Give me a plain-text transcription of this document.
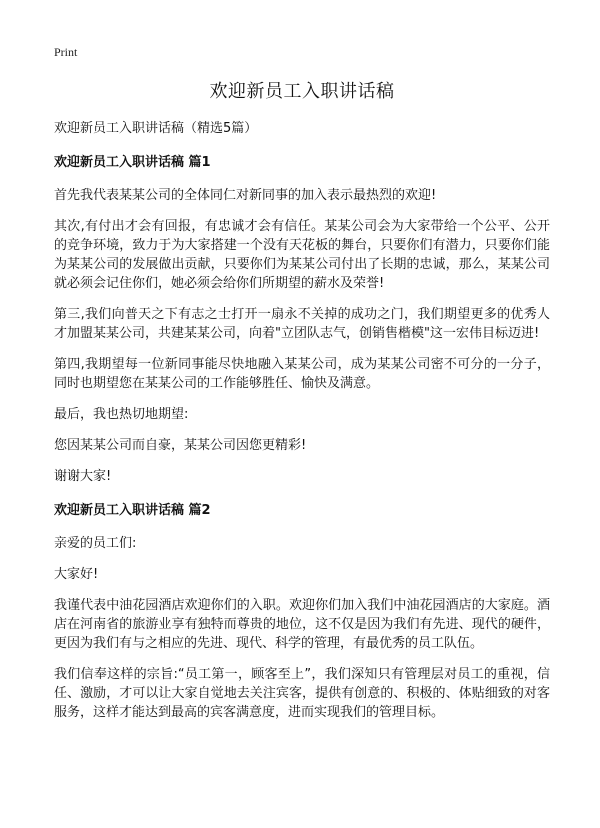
Print
欢迎新员工入职讲话稿

欢迎新员工入职讲话稿（精选5篇）

欢迎新员工入职讲话稿 篇1

首先我代表某某公司的全体同仁对新同事的加入表示最热烈的欢迎!

其次,有付出才会有回报，有忠诚才会有信任。某某公司会为大家带给一个公平、公开的竞争环境，致力于为大家搭建一个没有天花板的舞台，只要你们有潜力，只要你们能为某某公司的发展做出贡献，只要你们为某某公司付出了长期的忠诚，那么，某某公司就必须会记住你们，她必须会给你们所期望的薪水及荣誉!

第三,我们向普天之下有志之士打开一扇永不关掉的成功之门，我们期望更多的优秀人才加盟某某公司，共建某某公司，向着"立团队志气，创销售楷模"这一宏伟目标迈进!

第四,我期望每一位新同事能尽快地融入某某公司，成为某某公司密不可分的一分子，同时也期望您在某某公司的工作能够胜任、愉快及满意。

最后，我也热切地期望:

您因某某公司而自豪，某某公司因您更精彩!

谢谢大家!

欢迎新员工入职讲话稿 篇2

亲爱的员工们:

大家好!

我谨代表中油花园酒店欢迎你们的入职。欢迎你们加入我们中油花园酒店的大家庭。酒店在河南省的旅游业享有独特而尊贵的地位，这不仅是因为我们有先进、现代的硬件，更因为我们有与之相应的先进、现代、科学的管理，有最优秀的员工队伍。

我们信奉这样的宗旨:“员工第一，顾客至上”，我们深知只有管理层对员工的重视，信任、激励，才可以让大家自觉地去关注宾客，提供有创意的、积极的、体贴细致的对客服务，这样才能达到最高的宾客满意度，进而实现我们的管理目标。
